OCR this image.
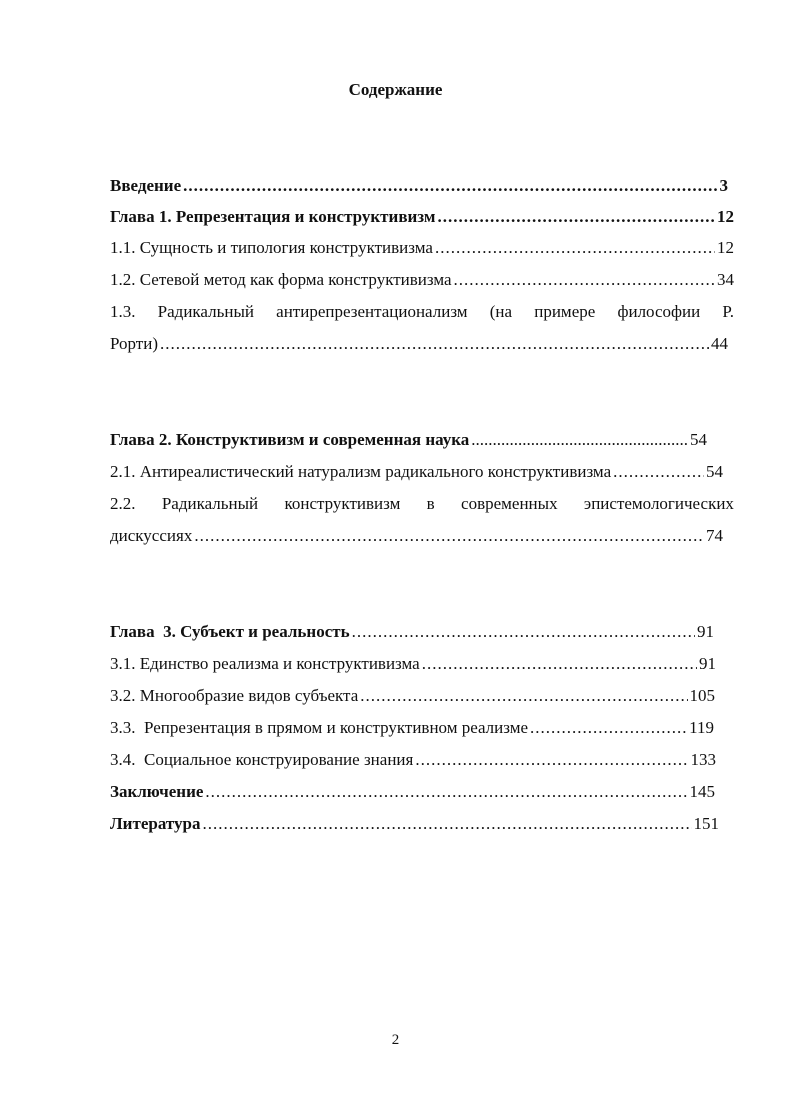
Содержание
Введение .....	3
Глава 1. Репрезентация и конструктивизм .....	12
1.1. Сущность и типология конструктивизма .....	12
1.2. Сетевой метод как форма конструктивизма .....	34
1.3. Радикальный антирепрезентационализм (на примере философии Р.
Рорти) .....	44
Глава 2. Конструктивизм и современная наука .....	54
2.1. Антиреалистический натурализм радикального конструктивизма .....	54
2.2. Радикальный конструктивизм в современных эпистемологических
дискуссиях .....	74
Глава  3. Субъект и реальность .....	91
3.1. Единство реализма и конструктивизма .....	91
3.2. Многообразие видов субъекта .....	105
3.3.  Репрезентация в прямом и конструктивном реализме .....	119
3.4.  Социальное конструирование знания .....	133
Заключение .....	145
Литература .....	151
2
